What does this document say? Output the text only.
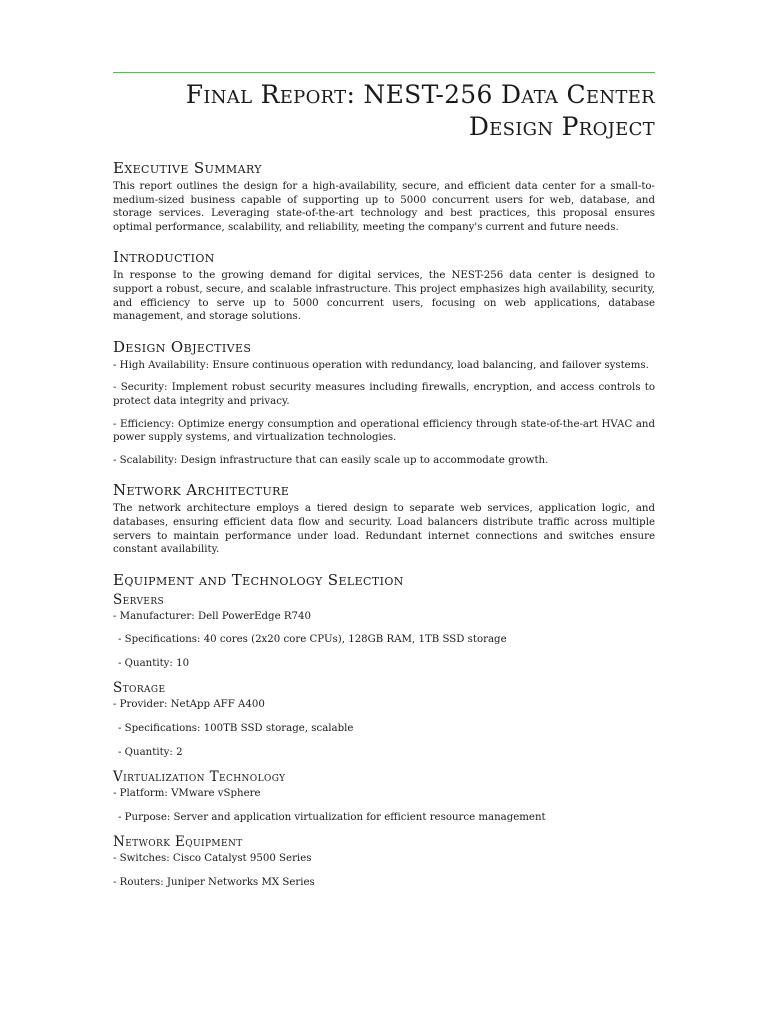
Final Report: NEST-256 Data Center Design Project
Executive Summary

This report outlines the design for a high-availability, secure, and efficient data center for a small-to-medium-sized business capable of supporting up to 5000 concurrent users for web, database, and storage services. Leveraging state-of-the-art technology and best practices, this proposal ensures optimal performance, scalability, and reliability, meeting the company's current and future needs.

Introduction

In response to the growing demand for digital services, the NEST-256 data center is designed to support a robust, secure, and scalable infrastructure. This project emphasizes high availability, security, and efficiency to serve up to 5000 concurrent users, focusing on web applications, database management, and storage solutions.

Design Objectives

- High Availability: Ensure continuous operation with redundancy, load balancing, and failover systems.

- Security: Implement robust security measures including firewalls, encryption, and access controls to protect data integrity and privacy.

- Efficiency: Optimize energy consumption and operational efficiency through state-of-the-art HVAC and power supply systems, and virtualization technologies.

- Scalability: Design infrastructure that can easily scale up to accommodate growth.

Network Architecture

The network architecture employs a tiered design to separate web services, application logic, and databases, ensuring efficient data flow and security. Load balancers distribute traffic across multiple servers to maintain performance under load. Redundant internet connections and switches ensure constant availability.

Equipment and Technology Selection
Servers

- Manufacturer: Dell PowerEdge R740

- Specifications: 40 cores (2x20 core CPUs), 128GB RAM, 1TB SSD storage

- Quantity: 10

Storage

- Provider: NetApp AFF A400

- Specifications: 100TB SSD storage, scalable

- Quantity: 2

Virtualization Technology

- Platform: VMware vSphere

- Purpose: Server and application virtualization for efficient resource management

Network Equipment

- Switches: Cisco Catalyst 9500 Series

- Routers: Juniper Networks MX Series
